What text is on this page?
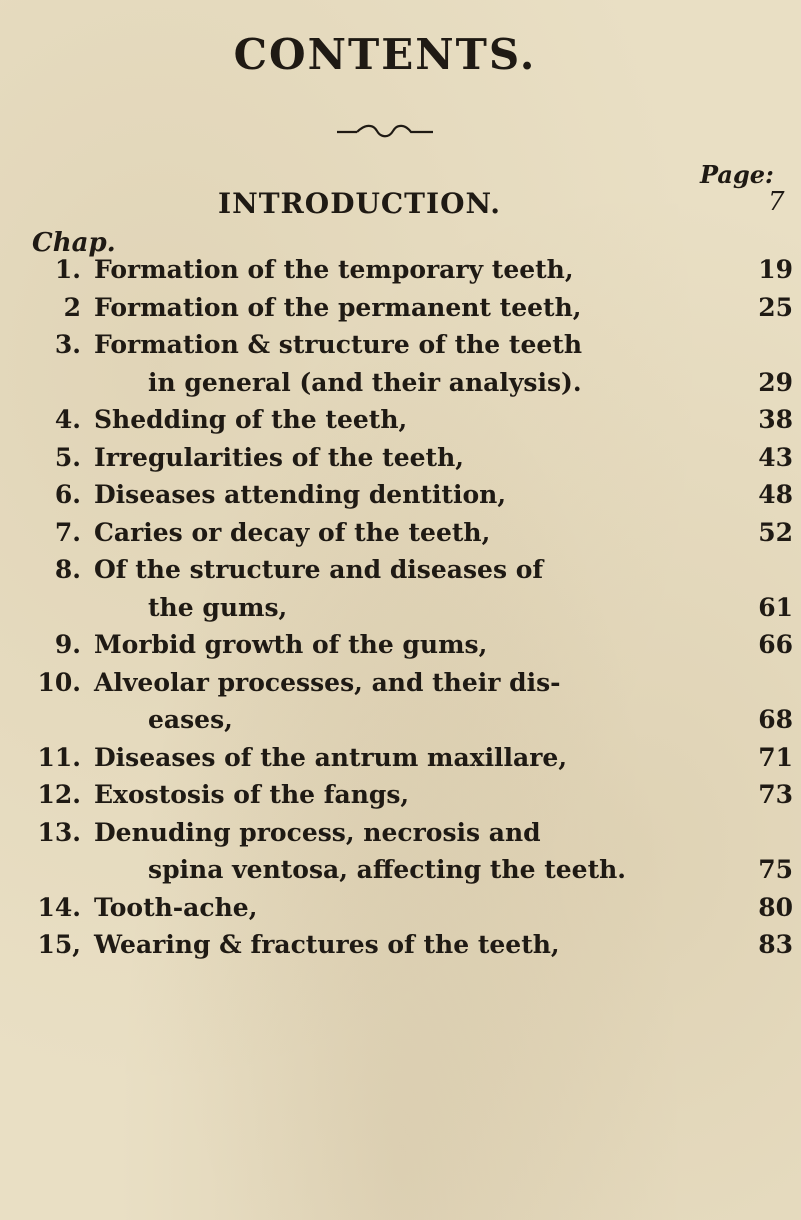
CONTENTS.
Page:
INTRODUCTION.	7
Chap.
1. Formation of the temporary teeth,	19
2 Formation of the permanent teeth,	25
3. Formation & structure of the teeth
in general (and their analysis).	29
4. Shedding of the teeth,	38
5. Irregularities of the teeth,	43
6. Diseases attending dentition,	48
7. Caries or decay of the teeth,	52
8. Of the structure and diseases of
the gums,	61
9. Morbid growth of the gums,	66
10. Alveolar processes, and their dis-
eases,	68
11. Diseases of the antrum maxillare,	71
12. Exostosis of the fangs,	73
13. Denuding process, necrosis and
spina ventosa, affecting the teeth.	75
14. Tooth-ache,	80
15, Wearing & fractures of the teeth,	83
